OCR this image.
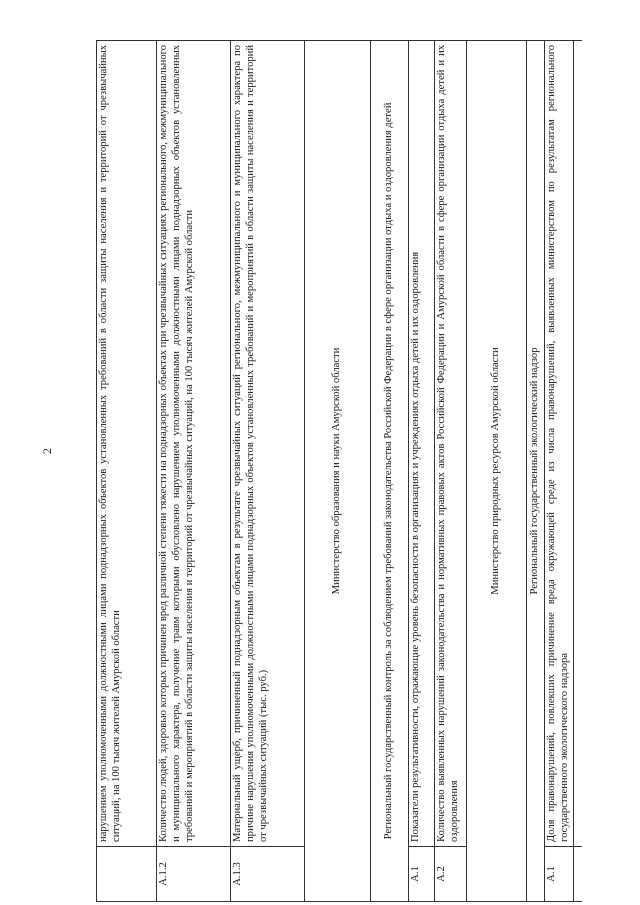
2
		нарушением уполномоченными должностными лицами поднадзорных объектов установленных требований в области защиты населения и территорий от чрезвычайных ситуаций, на 100 тысяч жителей Амурской области
А.1.2	Количество людей, здоровью которых причинен вред различной степени тяжести на поднадзорных объектах при чрезвычайных ситуациях регионального, межмуниципального и муниципального характера, получение травм которыми обусловлено нарушением уполномоченными должностными лицами поднадзорных объектов установленных требований и мероприятий в области защиты населения и территорий от чрезвычайных ситуаций, на 100 тысяч жителей Амурской области
А.1.3	Материальный ущерб, причиненный поднадзорным объектам в результате чрезвычайных ситуаций регионального, межмуниципального и муниципального характера по причине нарушения уполномоченными должностными лицами поднадзорных объектов установленных требований и мероприятий в области защиты населения и территорий от чрезвычайных ситуаций (тыс. руб.)
Министерство образования и науки Амурской области	
Региональный государственный контроль за соблюдением требований законодательства Российской Федерации в сфере организации отдыха и оздоровления детей	
А.1	Показатели результативности, отражающие уровень безопасности в организациях и учреждениях отдыха детей и их оздоровления
А.2	Количество выявленных нарушений законодательства и нормативных правовых актов Российской Федерации и Амурской области в сфере организации отдыха детей и их оздоровления
Министерство природных ресурсов Амурской области	
Региональный государственный экологический надзор	
А.1	Доля правонарушений, повлекших причинение вреда окружающей среде из числа правонарушений, выявленных министерством по результатам регионального государственного экологического надзора
